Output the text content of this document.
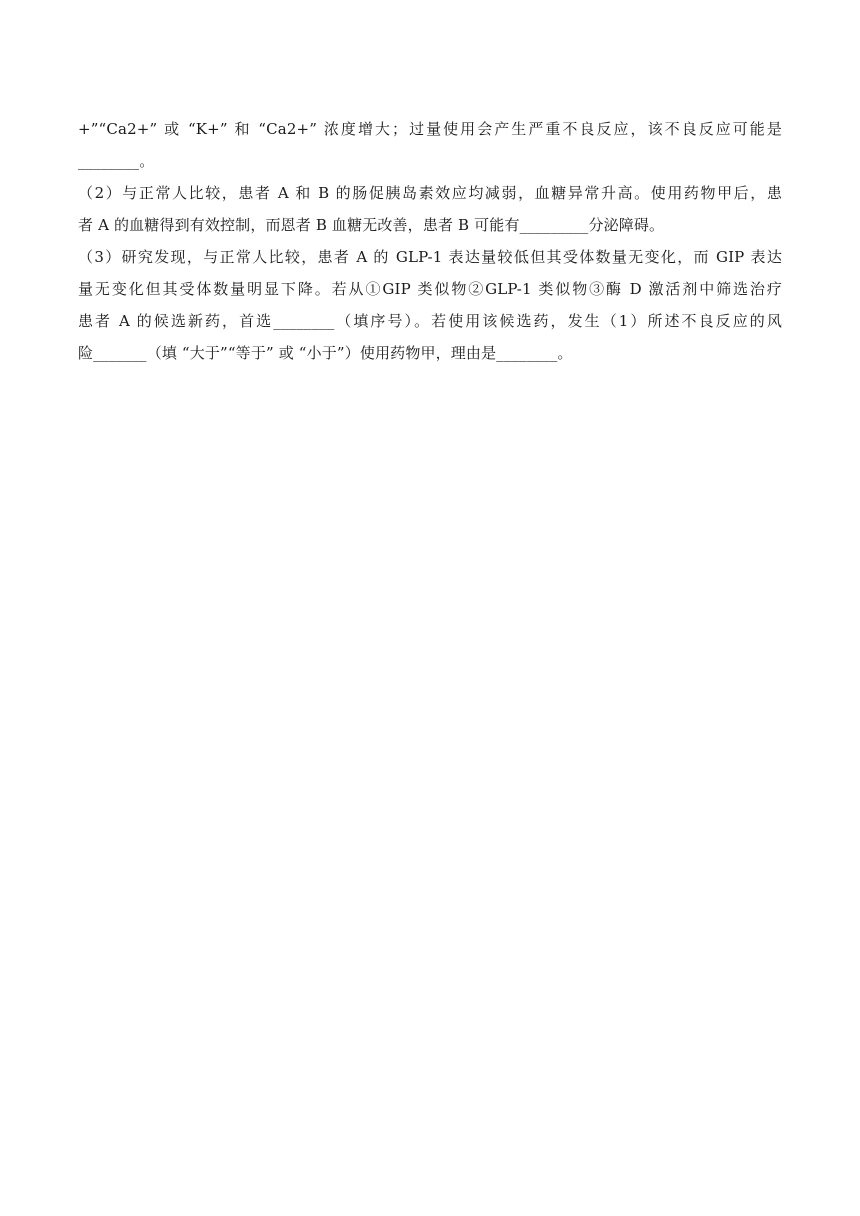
+”“Ca2+” 或 “K+” 和 “Ca2+” 浓度增大；过量使用会产生严重不良反应，该不良反应可能是
________。
（2）与正常人比较，患者 A 和 B 的肠促胰岛素效应均减弱，血糖异常升高。使用药物甲后，患
者 A 的血糖得到有效控制，而恩者 B 血糖无改善，患者 B 可能有_________分泌障碍。
（3）研究发现，与正常人比较，患者 A 的 GLP-1 表达量较低但其受体数量无变化，而 GIP 表达
量无变化但其受体数量明显下降。若从①GIP 类似物②GLP-1 类似物③酶 D 激活剂中筛选治疗
患者 A 的候选新药，首选________（填序号）。若使用该候选药，发生（1）所述不良反应的风
险_______（填 “大于”“等于” 或 “小于”）使用药物甲，理由是________。
